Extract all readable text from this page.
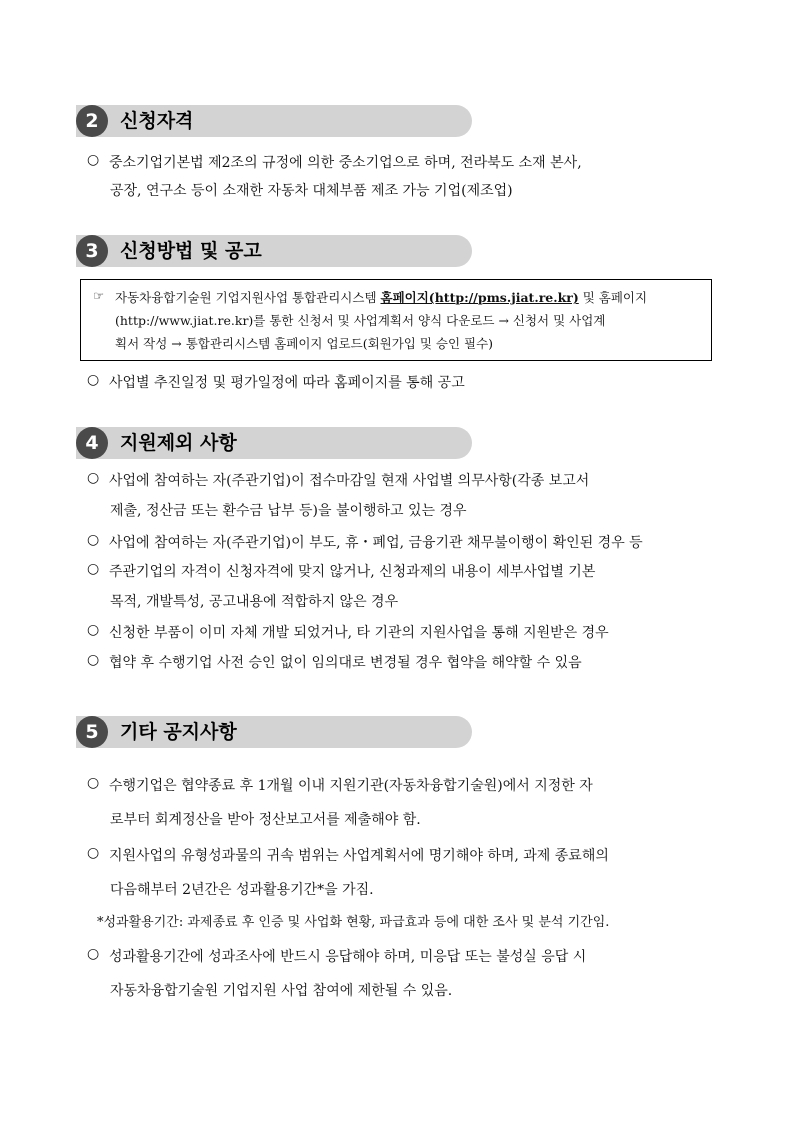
2	신청자격
○ 중소기업기본법 제2조의 규정에 의한 중소기업으로 하며, 전라북도 소재 본사,
공장, 연구소 등이 소재한 자동차 대체부품 제조 가능 기업(제조업)
3	신청방법 및 공고
☞ 자동차융합기술원 기업지원사업 통합관리시스템 홈페이지(http://pms.jiat.re.kr) 및 홈페이지
(http://www.jiat.re.kr)를 통한 신청서 및 사업계획서 양식 다운로드 → 신청서 및 사업계
획서 작성 → 통합관리시스템 홈페이지 업로드(회원가입 및 승인 필수)
○ 사업별 추진일정 및 평가일정에 따라 홈페이지를 통해 공고
4	지원제외 사항
○ 사업에 참여하는 자(주관기업)이 접수마감일 현재 사업별 의무사항(각종 보고서
제출, 정산금 또는 환수금 납부 등)을 불이행하고 있는 경우
○ 사업에 참여하는 자(주관기업)이 부도, 휴・폐업, 금융기관 채무불이행이 확인된 경우 등
○ 주관기업의 자격이 신청자격에 맞지 않거나, 신청과제의 내용이 세부사업별 기본
목적, 개발특성, 공고내용에 적합하지 않은 경우
○ 신청한 부품이 이미 자체 개발 되었거나, 타 기관의 지원사업을 통해 지원받은 경우
○ 협약 후 수행기업 사전 승인 없이 임의대로 변경될 경우 협약을 해약할 수 있음
5	기타 공지사항
○ 수행기업은 협약종료 후 1개월 이내 지원기관(자동차융합기술원)에서 지정한 자
로부터 회계정산을 받아 정산보고서를 제출해야 함.
○ 지원사업의 유형성과물의 귀속 범위는 사업계획서에 명기해야 하며, 과제 종료해의
다음해부터 2년간은 성과활용기간*을 가짐.
*성과활용기간: 과제종료 후 인증 및 사업화 현황, 파급효과 등에 대한 조사 및 분석 기간임.
○ 성과활용기간에 성과조사에 반드시 응답해야 하며, 미응답 또는 불성실 응답 시
자동차융합기술원 기업지원 사업 참여에 제한될 수 있음.
